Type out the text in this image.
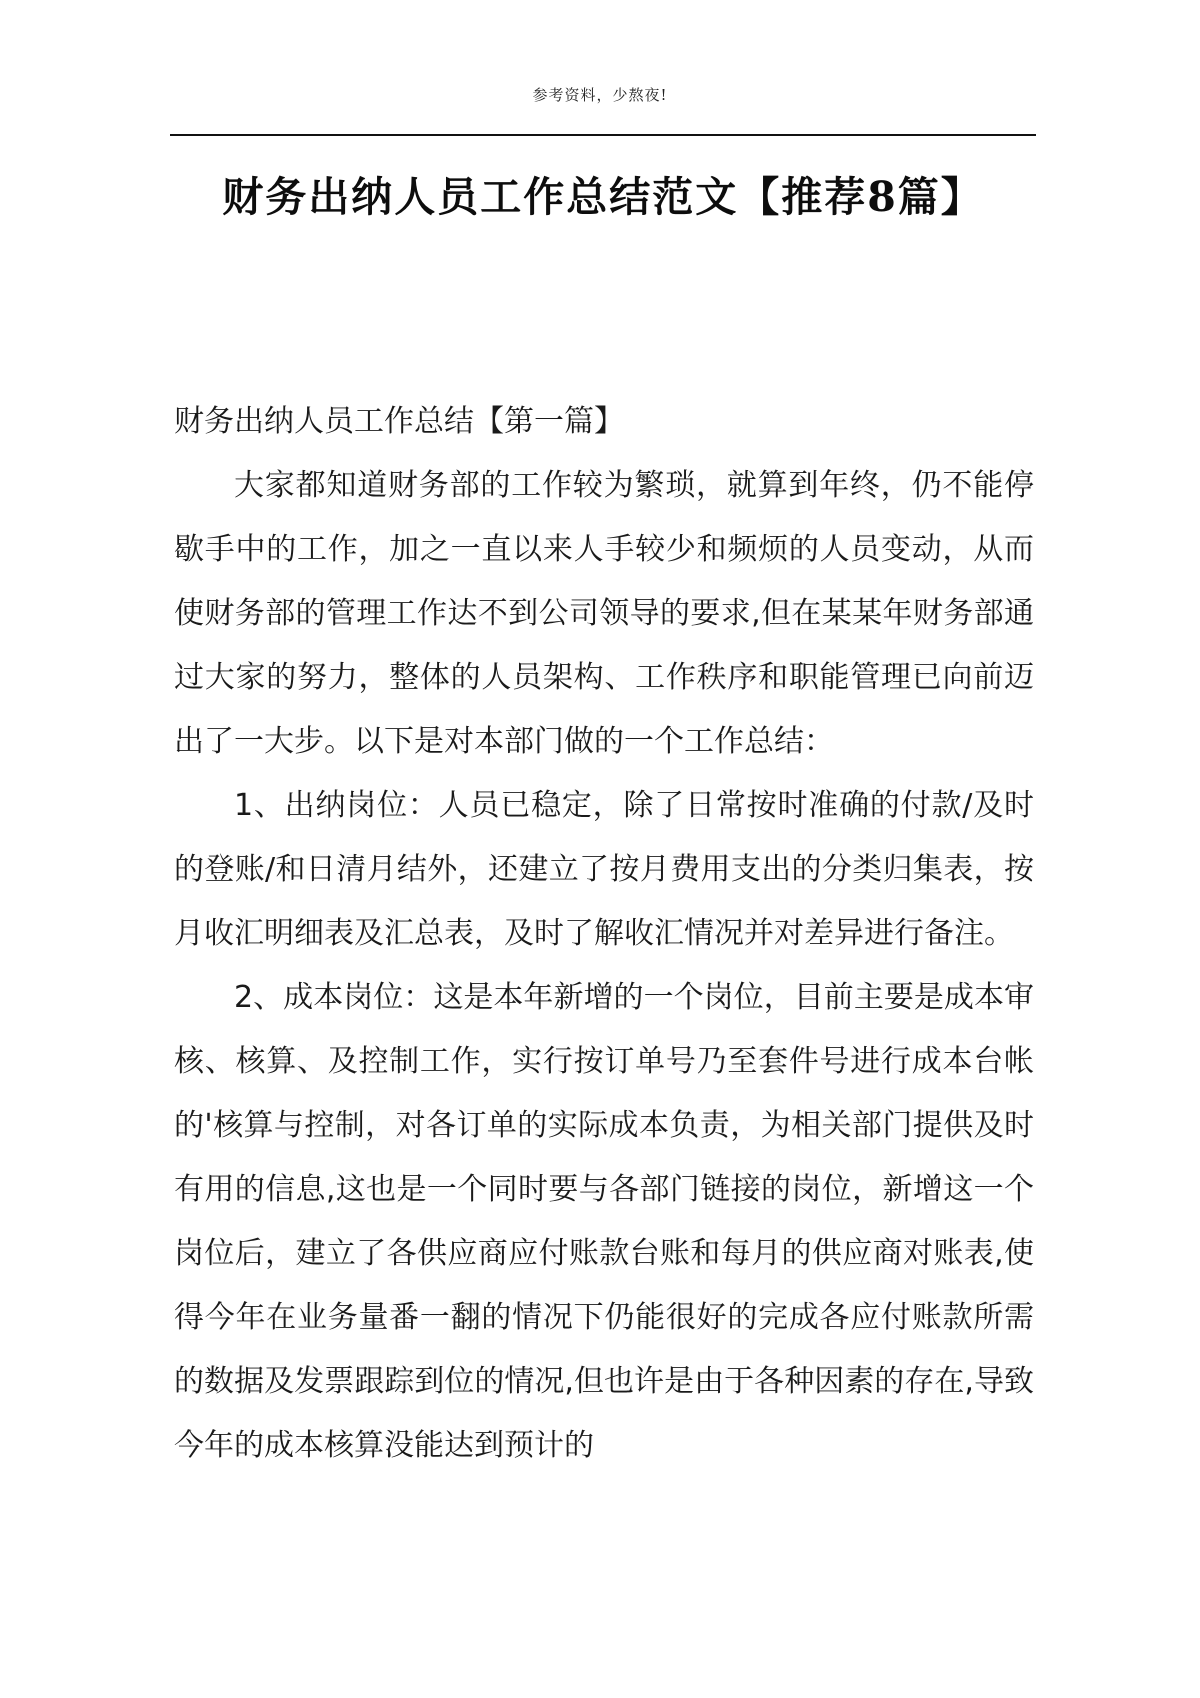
参考资料，少熬夜!
财务出纳人员工作总结范文【推荐8篇】

财务出纳人员工作总结【第一篇】

大家都知道财务部的工作较为繁琐，就算到年终，仍不能停歇手中的工作，加之一直以来人手较少和频烦的人员变动，从而使财务部的管理工作达不到公司领导的要求,但在某某年财务部通过大家的努力，整体的人员架构、工作秩序和职能管理已向前迈出了一大步。以下是对本部门做的一个工作总结：

1、出纳岗位：人员已稳定，除了日常按时准确的付款/及时的登账/和日清月结外，还建立了按月费用支出的分类归集表，按月收汇明细表及汇总表，及时了解收汇情况并对差异进行备注。

2、成本岗位：这是本年新增的一个岗位，目前主要是成本审核、核算、及控制工作，实行按订单号乃至套件号进行成本台帐的'核算与控制，对各订单的实际成本负责，为相关部门提供及时有用的信息,这也是一个同时要与各部门链接的岗位，新增这一个岗位后，建立了各供应商应付账款台账和每月的供应商对账表,使得今年在业务量番一翻的情况下仍能很好的完成各应付账款所需的数据及发票跟踪到位的情况,但也许是由于各种因素的存在,导致今年的成本核算没能达到预计的
